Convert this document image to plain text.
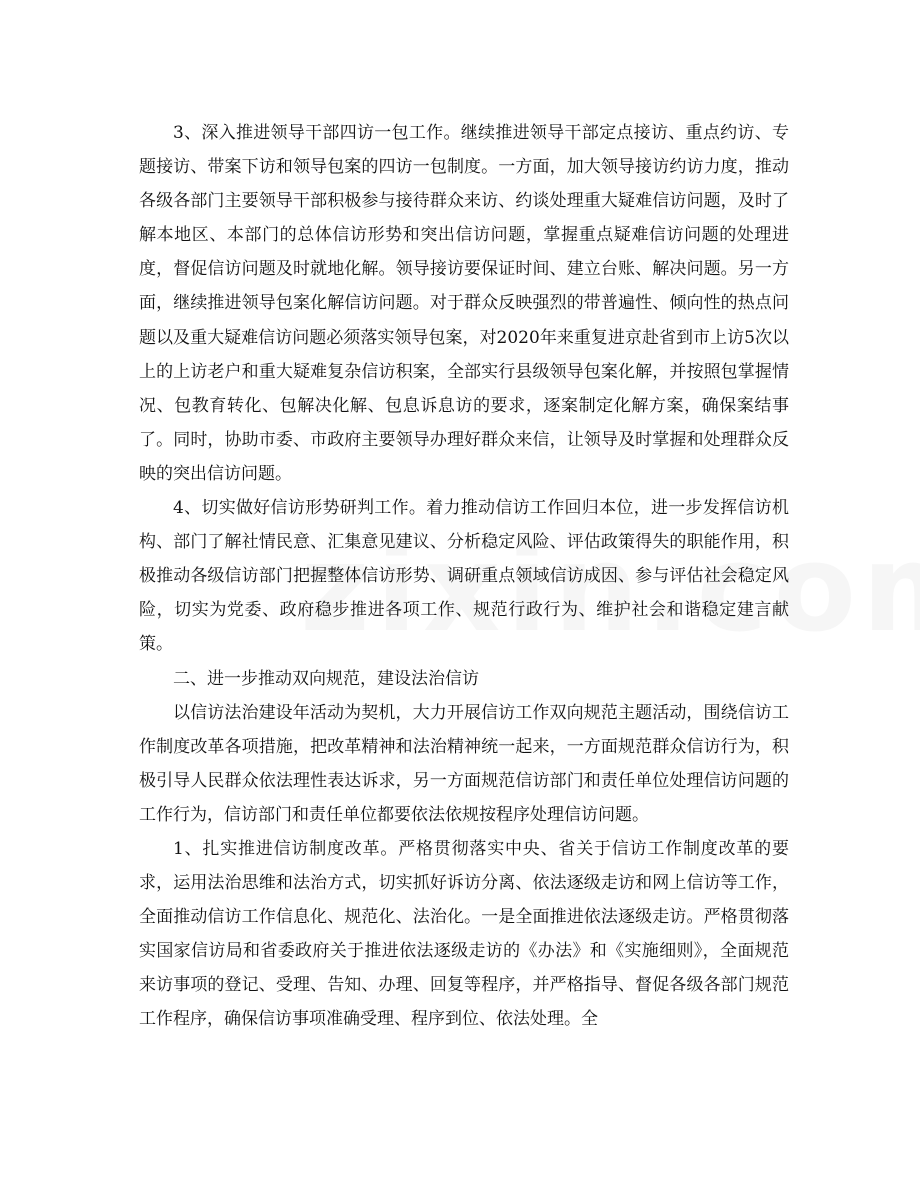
3、深入推进领导干部四访一包工作。继续推进领导干部定点接访、重点约访、专题接访、带案下访和领导包案的四访一包制度。一方面，加大领导接访约访力度，推动各级各部门主要领导干部积极参与接待群众来访、约谈处理重大疑难信访问题，及时了解本地区、本部门的总体信访形势和突出信访问题，掌握重点疑难信访问题的处理进度，督促信访问题及时就地化解。领导接访要保证时间、建立台账、解决问题。另一方面，继续推进领导包案化解信访问题。对于群众反映强烈的带普遍性、倾向性的热点问题以及重大疑难信访问题必须落实领导包案，对2020年来重复进京赴省到市上访5次以上的上访老户和重大疑难复杂信访积案，全部实行县级领导包案化解，并按照包掌握情况、包教育转化、包解决化解、包息诉息访的要求，逐案制定化解方案，确保案结事了。同时，协助市委、市政府主要领导办理好群众来信，让领导及时掌握和处理群众反映的突出信访问题。

4、切实做好信访形势研判工作。着力推动信访工作回归本位，进一步发挥信访机构、部门了解社情民意、汇集意见建议、分析稳定风险、评估政策得失的职能作用，积极推动各级信访部门把握整体信访形势、调研重点领域信访成因、参与评估社会稳定风险，切实为党委、政府稳步推进各项工作、规范行政行为、维护社会和谐稳定建言献策。

二、进一步推动双向规范，建设法治信访

以信访法治建设年活动为契机，大力开展信访工作双向规范主题活动，围绕信访工作制度改革各项措施，把改革精神和法治精神统一起来，一方面规范群众信访行为，积极引导人民群众依法理性表达诉求，另一方面规范信访部门和责任单位处理信访问题的工作行为，信访部门和责任单位都要依法依规按程序处理信访问题。

1、扎实推进信访制度改革。严格贯彻落实中央、省关于信访工作制度改革的要求，运用法治思维和法治方式，切实抓好诉访分离、依法逐级走访和网上信访等工作，全面推动信访工作信息化、规范化、法治化。一是全面推进依法逐级走访。严格贯彻落实国家信访局和省委政府关于推进依法逐级走访的《办法》和《实施细则》，全面规范来访事项的登记、受理、告知、办理、回复等程序，并严格指导、督促各级各部门规范工作程序，确保信访事项准确受理、程序到位、依法处理。全
